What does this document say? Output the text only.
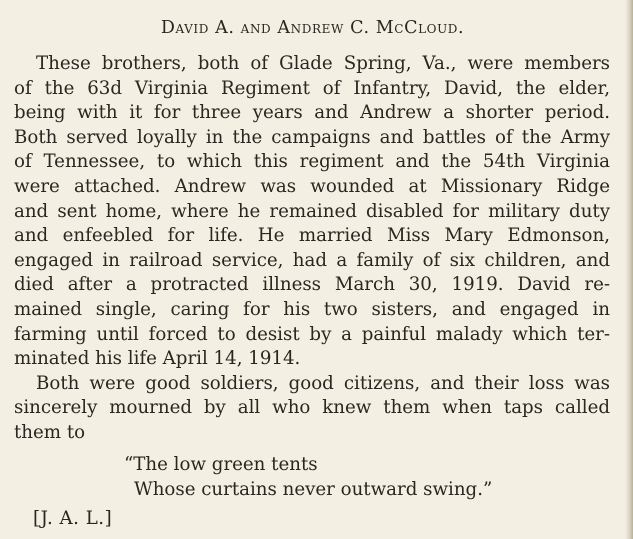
David A. and Andrew C. McCloud.
These brothers, both of Glade Spring, Va., were members
of the 63d Virginia Regiment of Infantry, David, the elder,
being with it for three years and Andrew a shorter period.
Both served loyally in the campaigns and battles of the Army
of Tennessee, to which this regiment and the 54th Virginia
were attached. Andrew was wounded at Missionary Ridge
and sent home, where he remained disabled for military duty
and enfeebled for life. He married Miss Mary Edmonson,
engaged in railroad service, had a family of six children, and
died after a protracted illness March 30, 1919. David re-
mained single, caring for his two sisters, and engaged in
farming until forced to desist by a painful malady which ter-
minated his life April 14, 1914.
Both were good soldiers, good citizens, and their loss was
sincerely mourned by all who knew them when taps called
them to
“The low green tents
Whose curtains never outward swing.”
[J. A. L.]
